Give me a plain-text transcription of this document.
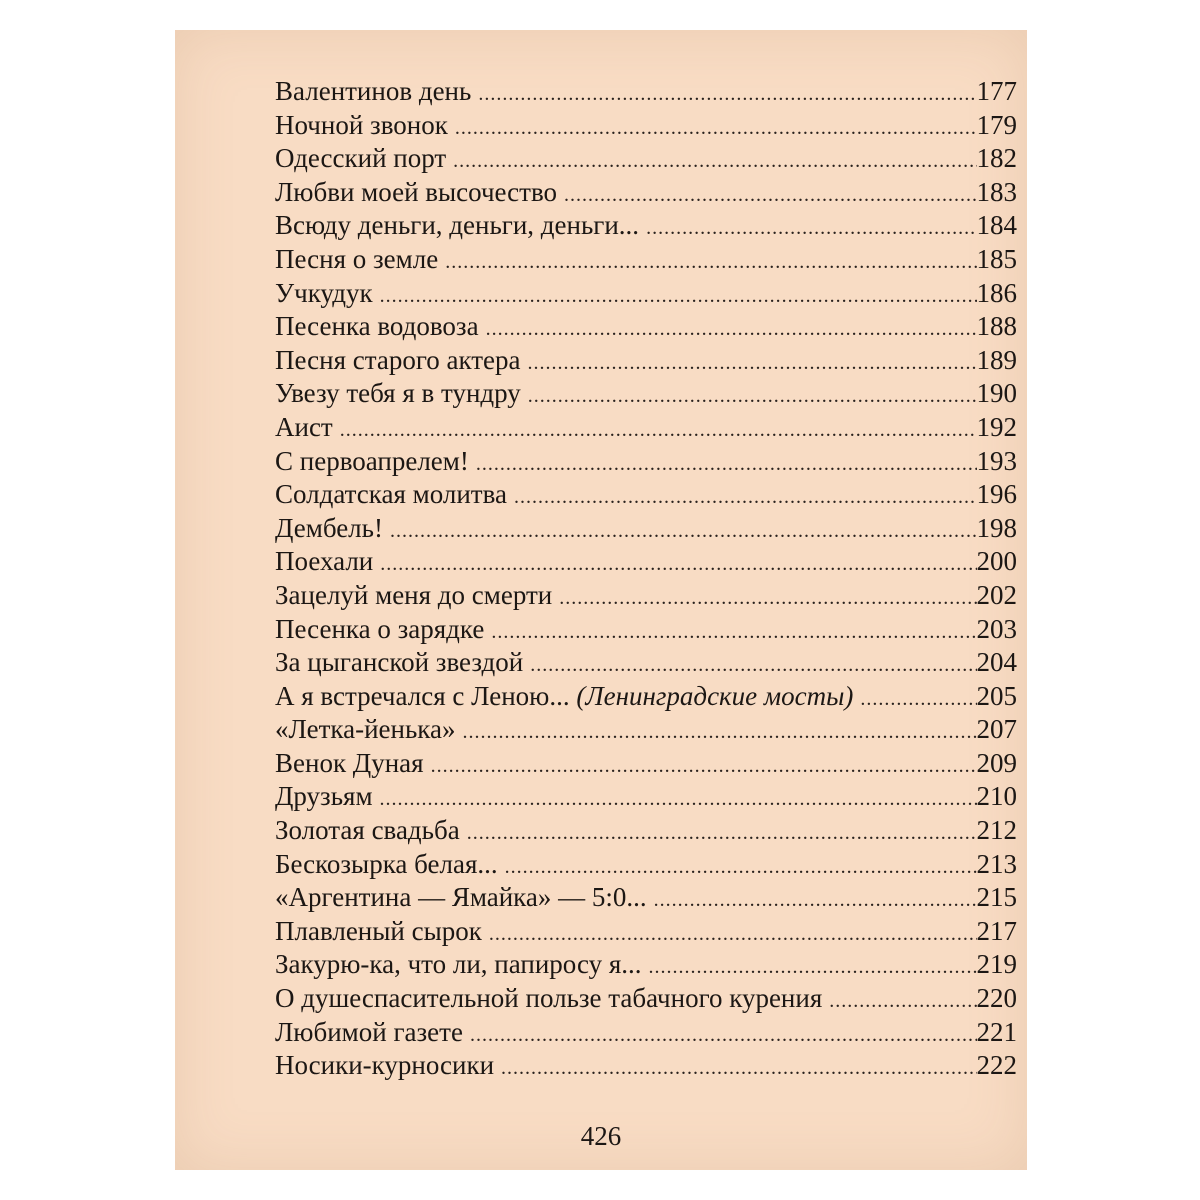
Валентинов день .....	177
Ночной звонок .....	179
Одесский порт .....	182
Любви моей высочество .....	183
Всюду деньги, деньги, деньги... .....	184
Песня о земле .....	185
Учкудук .....	186
Песенка водовоза .....	188
Песня старого актера .....	189
Увезу тебя я в тундру .....	190
Аист .....	192
С первоапрелем! .....	193
Солдатская молитва .....	196
Дембель! .....	198
Поехали .....	200
Зацелуй меня до смерти .....	202
Песенка о зарядке .....	203
За цыганской звездой .....	204
А я встречался с Леною... (Ленинградские мосты) .....	205
«Летка-йенька» .....	207
Венок Дуная .....	209
Друзьям .....	210
Золотая свадьба .....	212
Бескозырка белая... .....	213
«Аргентина — Ямайка» — 5:0... .....	215
Плавленый сырок .....	217
Закурю-ка, что ли, папиросу я... .....	219
О душеспасительной пользе табачного курения .....	220
Любимой газете .....	221
Носики-курносики .....	222
426
